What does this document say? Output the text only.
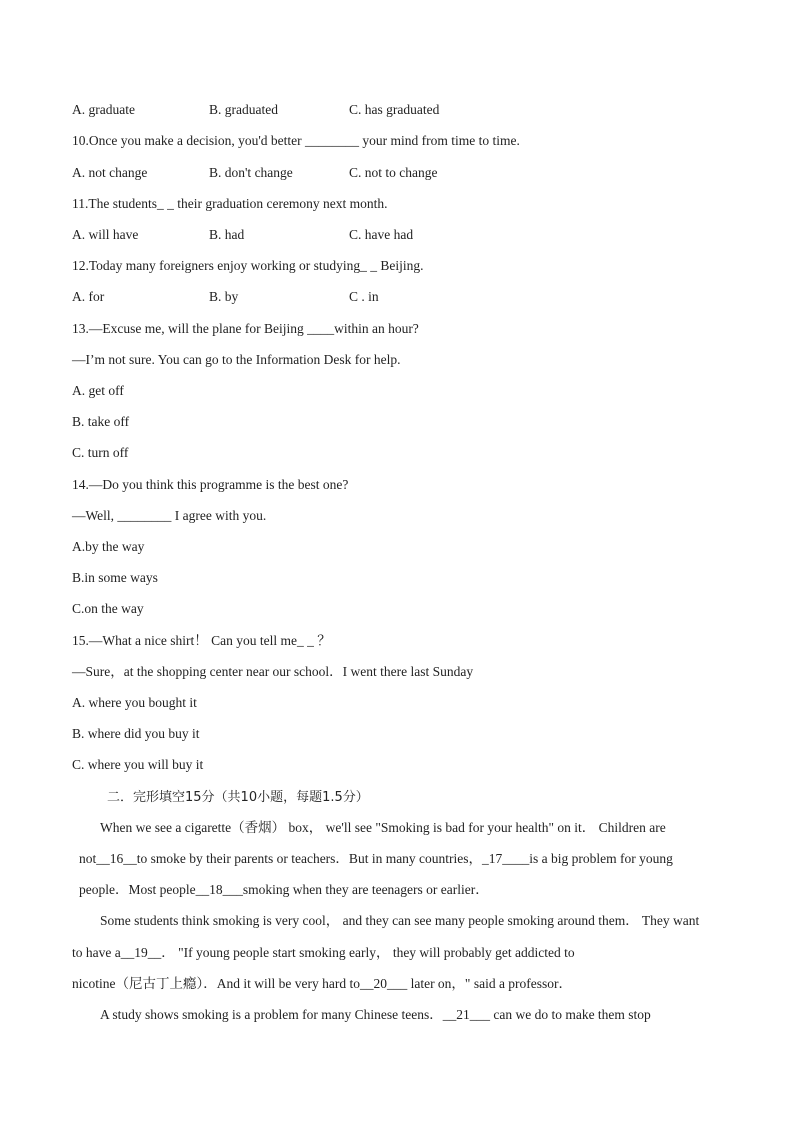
A. graduate	B. graduated	C. has graduated
10.Once you make a decision, you'd better ________ your mind from time to time.
A. not change	B. don't change	C. not to change
11.The students_ _ their graduation ceremony next month.
A. will have	B. had	C. have had
12.Today many foreigners enjoy working or studying_ _ Beijing.
A. for	B. by	C . in
13.—Excuse me, will the plane for Beijing ____within an hour?
—I’m not sure. You can go to the Information Desk for help.
A. get off
B. take off
C. turn off
14.—Do you think this programme is the best one?
—Well, ________ I agree with you.
A.by the way
B.in some ways
C.on the way
15.—What a nice shirt！ Can you tell me_ _ ？
—Sure，at the shopping center near our school．I went there last Sunday
A. where you bought it
B. where did you buy it
C. where you will buy it
二．完形填空15分（共10小题，每题1.5分）
When we see a cigarette（香烟） box， we'll see "Smoking is bad for your health" on it． Children are
not__16__to smoke by their parents or teachers．But in many countries，_17____is a big problem for young
people．Most people__18___smoking when they are teenagers or earlier．
Some students think smoking is very cool， and they can see many people smoking around them． They want
to have a__19__． "If young people start smoking early， they will probably get addicted to
nicotine（尼古丁上瘾）．And it will be very hard to__20___ later on，" said a professor．
A study shows smoking is a problem for many Chinese teens．__21___ can we do to make them stop
